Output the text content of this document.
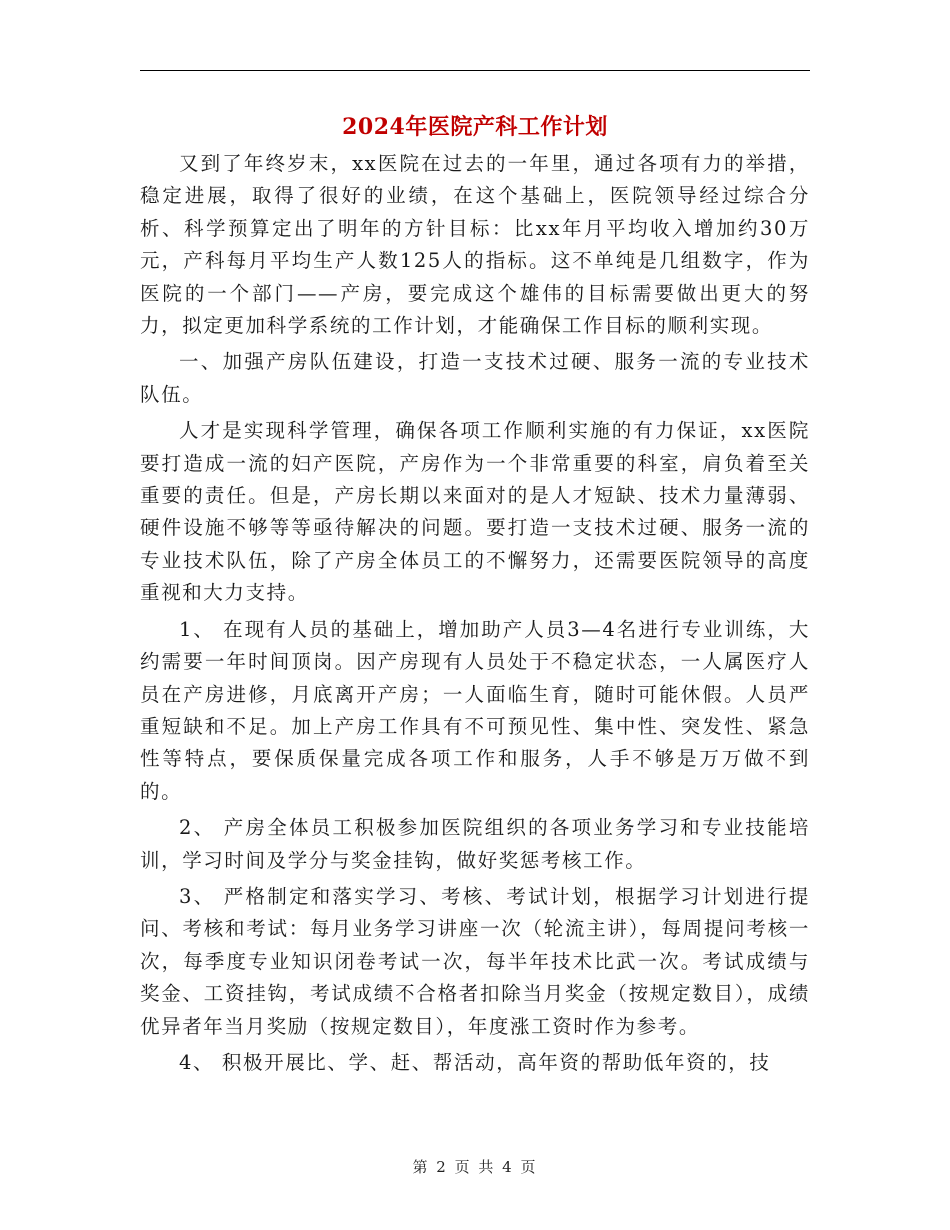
2024年医院产科工作计划

又到了年终岁末，xx医院在过去的一年里，通过各项有力的举措，稳定进展，取得了很好的业绩，在这个基础上，医院领导经过综合分析、科学预算定出了明年的方针目标：比xx年月平均收入增加约30万元，产科每月平均生产人数125人的指标。这不单纯是几组数字，作为医院的一个部门——产房，要完成这个雄伟的目标需要做出更大的努力，拟定更加科学系统的工作计划，才能确保工作目标的顺利实现。

一、加强产房队伍建设，打造一支技术过硬、服务一流的专业技术队伍。

人才是实现科学管理，确保各项工作顺利实施的有力保证，xx医院要打造成一流的妇产医院，产房作为一个非常重要的科室，肩负着至关重要的责任。但是，产房长期以来面对的是人才短缺、技术力量薄弱、硬件设施不够等等亟待解决的问题。要打造一支技术过硬、服务一流的专业技术队伍，除了产房全体员工的不懈努力，还需要医院领导的高度重视和大力支持。

1、 在现有人员的基础上，增加助产人员3—4名进行专业训练，大约需要一年时间顶岗。因产房现有人员处于不稳定状态，一人属医疗人员在产房进修，月底离开产房；一人面临生育，随时可能休假。人员严重短缺和不足。加上产房工作具有不可预见性、集中性、突发性、紧急性等特点，要保质保量完成各项工作和服务，人手不够是万万做不到的。

2、 产房全体员工积极参加医院组织的各项业务学习和专业技能培训，学习时间及学分与奖金挂钩，做好奖惩考核工作。

3、 严格制定和落实学习、考核、考试计划，根据学习计划进行提问、考核和考试：每月业务学习讲座一次（轮流主讲），每周提问考核一次，每季度专业知识闭卷考试一次，每半年技术比武一次。考试成绩与奖金、工资挂钩，考试成绩不合格者扣除当月奖金（按规定数目），成绩优异者年当月奖励（按规定数目），年度涨工资时作为参考。

4、 积极开展比、学、赶、帮活动，高年资的帮助低年资的，技

第 2 页 共 4 页
